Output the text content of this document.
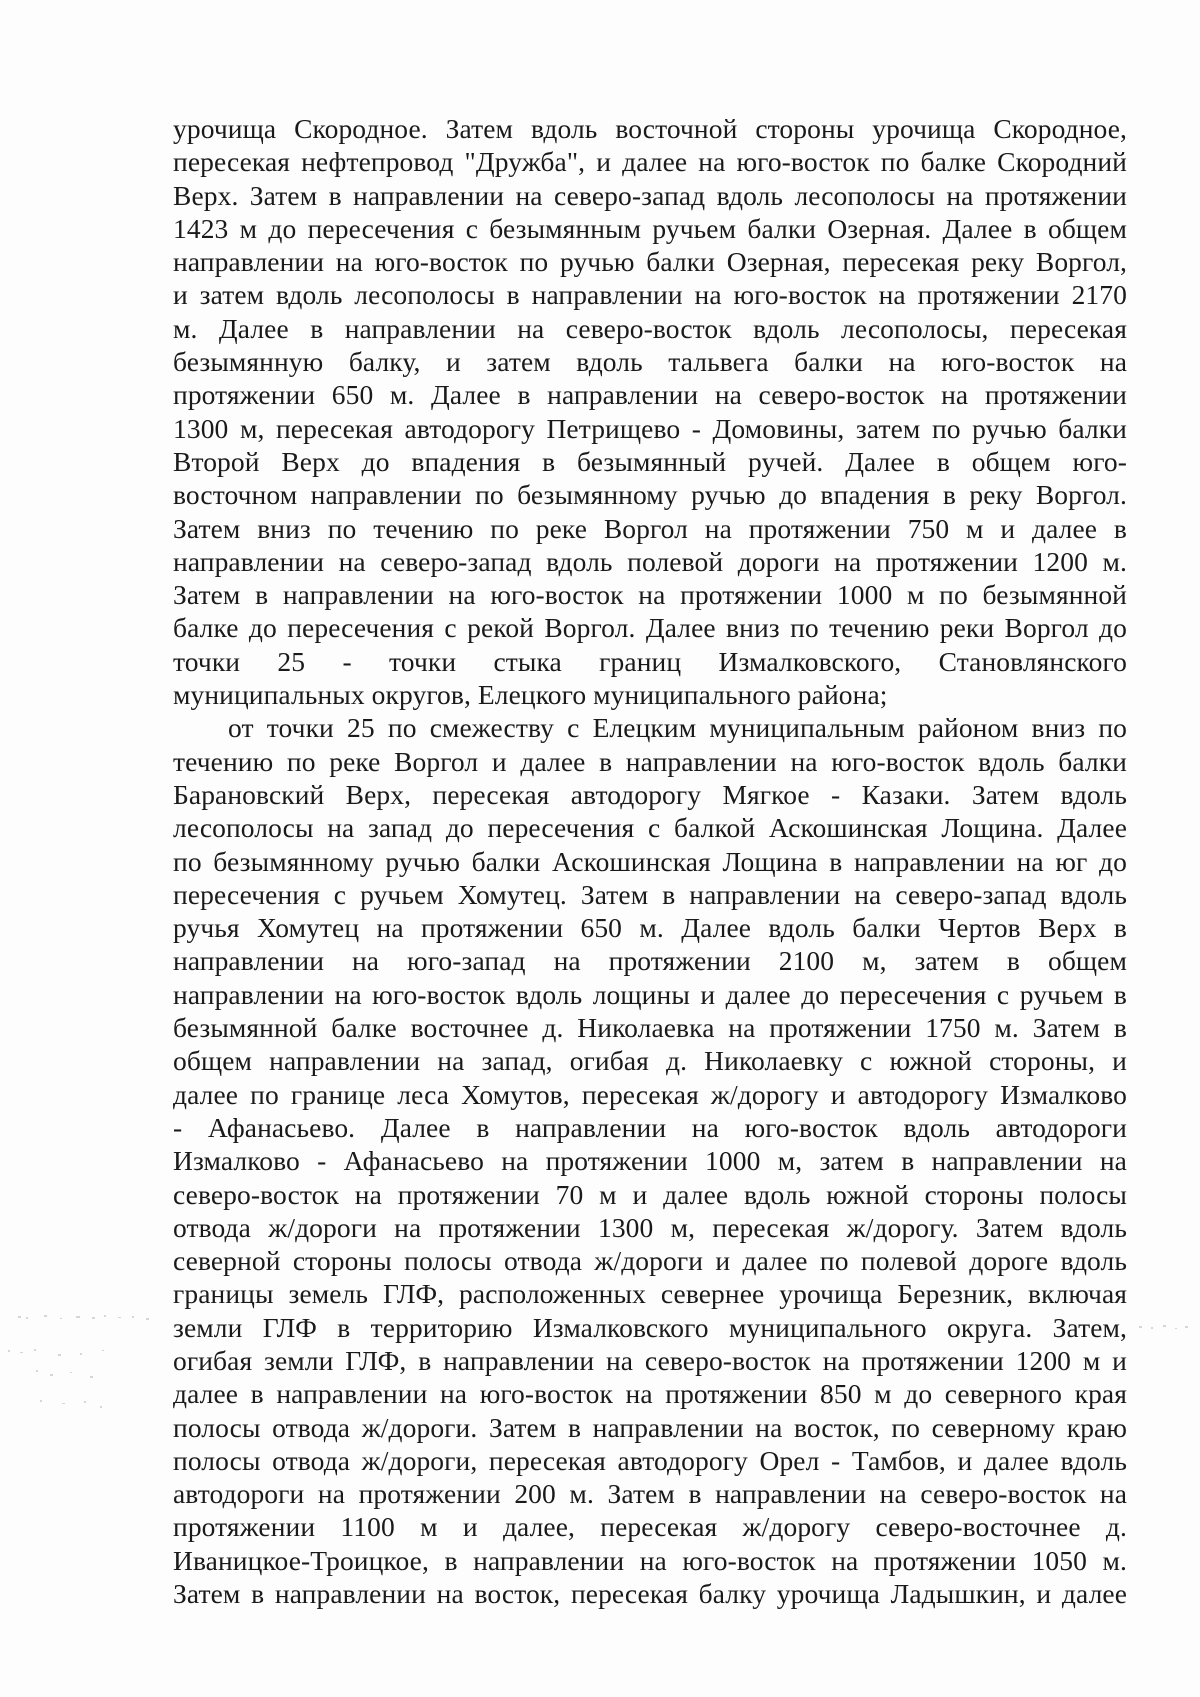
урочища Скородное. Затем вдоль восточной стороны урочища Скородное,
пересекая нефтепровод "Дружба", и далее на юго-восток по балке Скородний
Верх. Затем в направлении на северо-запад вдоль лесополосы на протяжении
1423 м до пересечения с безымянным ручьем балки Озерная. Далее в общем
направлении на юго-восток по ручью балки Озерная, пересекая реку Воргол,
и затем вдоль лесополосы в направлении на юго-восток на протяжении 2170
м. Далее в направлении на северо-восток вдоль лесополосы, пересекая
безымянную балку, и затем вдоль тальвега балки на юго-восток на
протяжении 650 м. Далее в направлении на северо-восток на протяжении
1300 м, пересекая автодорогу Петрищево - Домовины, затем по ручью балки
Второй Верх до впадения в безымянный ручей. Далее в общем юго-
восточном направлении по безымянному ручью до впадения в реку Воргол.
Затем вниз по течению по реке Воргол на протяжении 750 м и далее в
направлении на северо-запад вдоль полевой дороги на протяжении 1200 м.
Затем в направлении на юго-восток на протяжении 1000 м по безымянной
балке до пересечения с рекой Воргол. Далее вниз по течению реки Воргол до
точки 25 - точки стыка границ Измалковского, Становлянского
муниципальных округов, Елецкого муниципального района;
от точки 25 по смежеству с Елецким муниципальным районом вниз по
течению по реке Воргол и далее в направлении на юго-восток вдоль балки
Барановский Верх, пересекая автодорогу Мягкое - Казаки. Затем вдоль
лесополосы на запад до пересечения с балкой Аскошинская Лощина. Далее
по безымянному ручью балки Аскошинская Лощина в направлении на юг до
пересечения с ручьем Хомутец. Затем в направлении на северо-запад вдоль
ручья Хомутец на протяжении 650 м. Далее вдоль балки Чертов Верх в
направлении на юго-запад на протяжении 2100 м, затем в общем
направлении на юго-восток вдоль лощины и далее до пересечения с ручьем в
безымянной балке восточнее д. Николаевка на протяжении 1750 м. Затем в
общем направлении на запад, огибая д. Николаевку с южной стороны, и
далее по границе леса Хомутов, пересекая ж/дорогу и автодорогу Измалково
- Афанасьево. Далее в направлении на юго-восток вдоль автодороги
Измалково - Афанасьево на протяжении 1000 м, затем в направлении на
северо-восток на протяжении 70 м и далее вдоль южной стороны полосы
отвода ж/дороги на протяжении 1300 м, пересекая ж/дорогу. Затем вдоль
северной стороны полосы отвода ж/дороги и далее по полевой дороге вдоль
границы земель ГЛФ, расположенных севернее урочища Березник, включая
земли ГЛФ в территорию Измалковского муниципального округа. Затем,
огибая земли ГЛФ, в направлении на северо-восток на протяжении 1200 м и
далее в направлении на юго-восток на протяжении 850 м до северного края
полосы отвода ж/дороги. Затем в направлении на восток, по северному краю
полосы отвода ж/дороги, пересекая автодорогу Орел - Тамбов, и далее вдоль
автодороги на протяжении 200 м. Затем в направлении на северо-восток на
протяжении 1100 м и далее, пересекая ж/дорогу северо-восточнее д.
Иваницкое-Троицкое, в направлении на юго-восток на протяжении 1050 м.
Затем в направлении на восток, пересекая балку урочища Ладышкин, и далее
